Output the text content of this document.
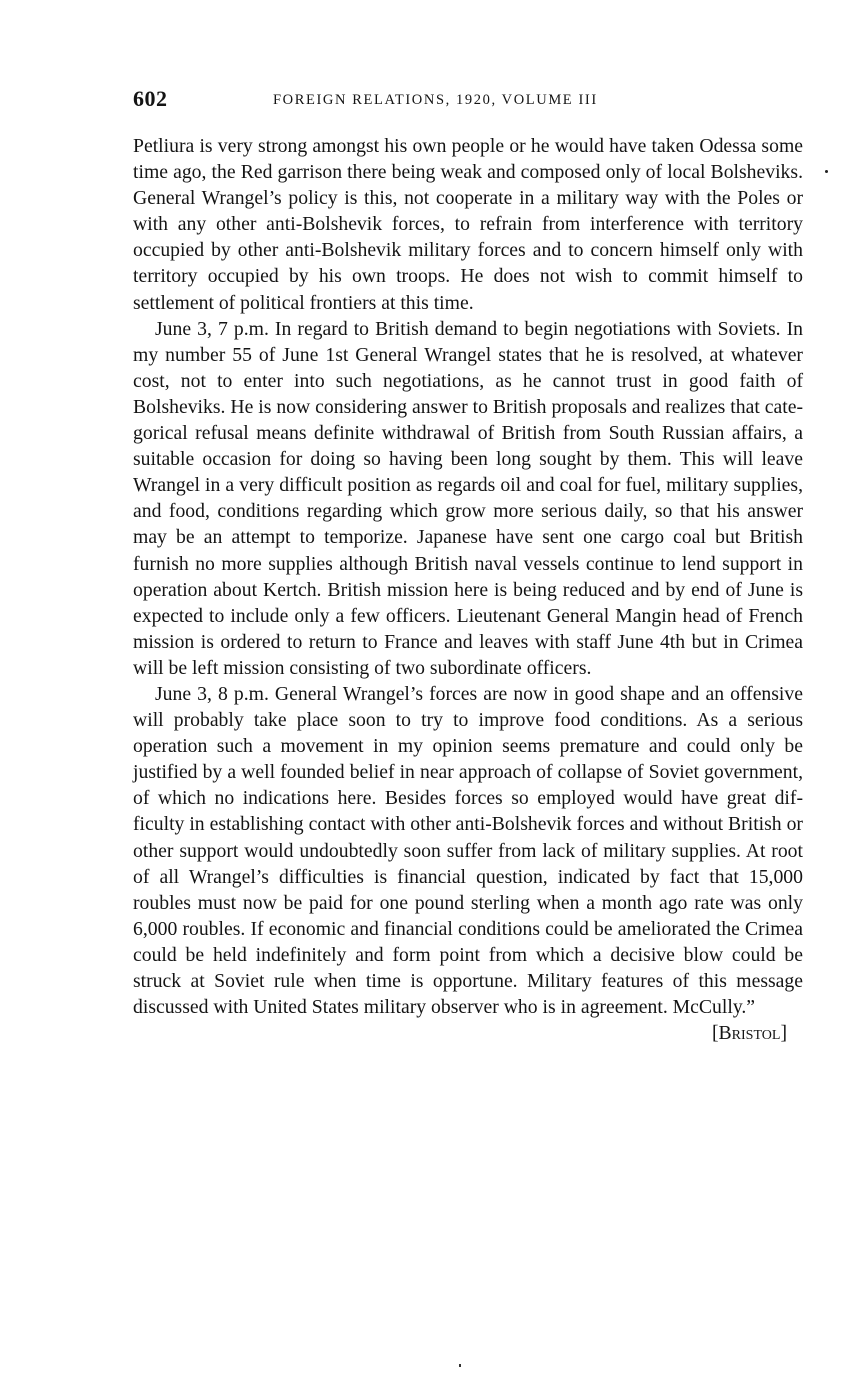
602	FOREIGN RELATIONS, 1920, VOLUME III

Petliura is very strong amongst his own people or he would have taken Odessa some time ago, the Red garrison there being weak and composed only of local Bolsheviks. General Wrangel’s policy is this, not cooperate in a military way with the Poles or with any other anti-Bolshevik forces, to refrain from interference with territory occupied by other anti-Bolshevik military forces and to concern himself only with territory occupied by his own troops. He does not wish to commit himself to settlement of political frontiers at this time.

June 3, 7 p.m. In regard to British demand to begin negotiations with Soviets. In my number 55 of June 1st General Wrangel states that he is resolved, at whatever cost, not to enter into such negotiations, as he cannot trust in good faith of Bolsheviks. He is now considering answer to British proposals and realizes that categorical refusal means definite withdrawal of British from South Russian affairs, a suitable occasion for doing so having been long sought by them. This will leave Wrangel in a very difficult position as regards oil and coal for fuel, military supplies, and food, conditions regarding which grow more serious daily, so that his answer may be an attempt to temporize. Japanese have sent one cargo coal but British furnish no more supplies although British naval vessels continue to lend support in operation about Kertch. British mission here is being reduced and by end of June is expected to include only a few officers. Lieutenant General Mangin head of French mission is ordered to return to France and leaves with staff June 4th but in Crimea will be left mission consisting of two subordinate officers.

June 3, 8 p.m. General Wrangel’s forces are now in good shape and an offensive will probably take place soon to try to improve food conditions. As a serious operation such a movement in my opinion seems premature and could only be justified by a well founded belief in near approach of collapse of Soviet government, of which no indications here. Besides forces so employed would have great difficulty in establishing contact with other anti-Bolshevik forces and without British or other support would undoubtedly soon suffer from lack of military supplies. At root of all Wrangel’s difficulties is financial question, indicated by fact that 15,000 roubles must now be paid for one pound sterling when a month ago rate was only 6,000 roubles. If economic and financial conditions could be ameliorated the Crimea could be held indefinitely and form point from which a decisive blow could be struck at Soviet rule when time is opportune. Military features of this message discussed with United States military observer who is in agreement. McCully.”

[Bristol]
